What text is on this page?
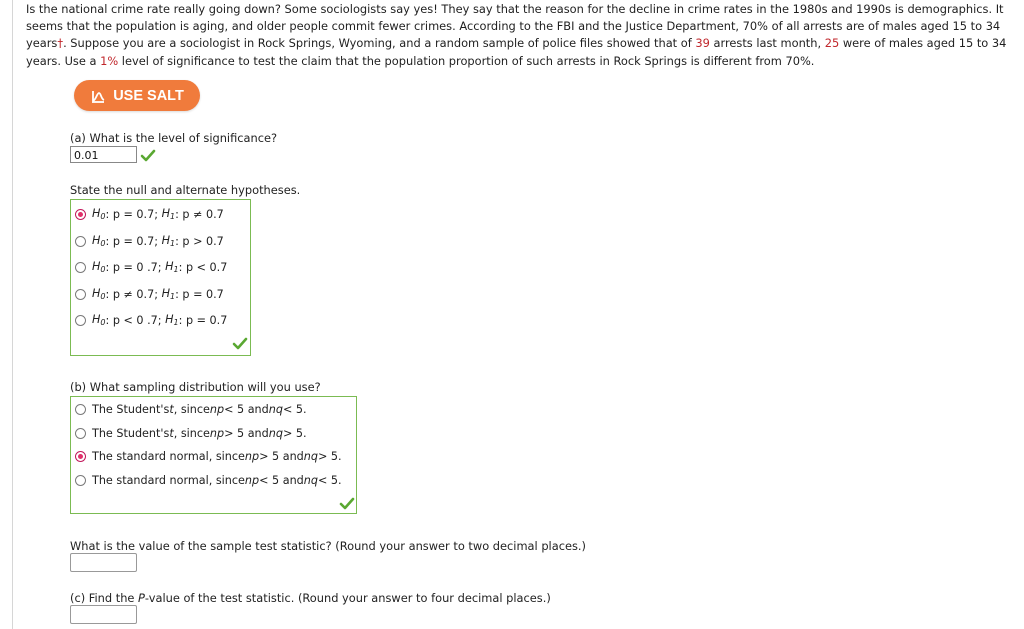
Is the national crime rate really going down? Some sociologists say yes! They say that the reason for the decline in crime rates in the 1980s and 1990s is demographics. It seems that the population is aging, and older people commit fewer crimes. According to the FBI and the Justice Department, 70% of all arrests are of males aged 15 to 34 years†. Suppose you are a sociologist in Rock Springs, Wyoming, and a random sample of police files showed that of 39 arrests last month, 25 were of males aged 15 to 34 years. Use a 1% level of significance to test the claim that the population proportion of such arrests in Rock Springs is different from 70%.
USE SALT
(a) What is the level of significance?
0.01
State the null and alternate hypotheses.
$H_0$ : p = 0.7;
$H_1$ : p ≠ 0.7
$H_0$ : p = 0.7;
$H_1$ : p > 0.7
$H_0$ : p = 0 .7;
$H_1$ : p < 0.7
$H_0$ : p ≠ 0.7;
$H_1$ : p = 0.7
$H_0$ : p < 0 .7;
$H_1$ : p = 0.7
(b) What sampling distribution will you use?
The Student's t , since np < 5 and nq < 5.
The Student's t , since np > 5 and nq > 5.
The standard normal, since np > 5 and nq > 5.
The standard normal, since np < 5 and nq < 5.
What is the value of the sample test statistic? (Round your answer to two decimal places.)
(c) Find the P-value of the test statistic. (Round your answer to four decimal places.)
